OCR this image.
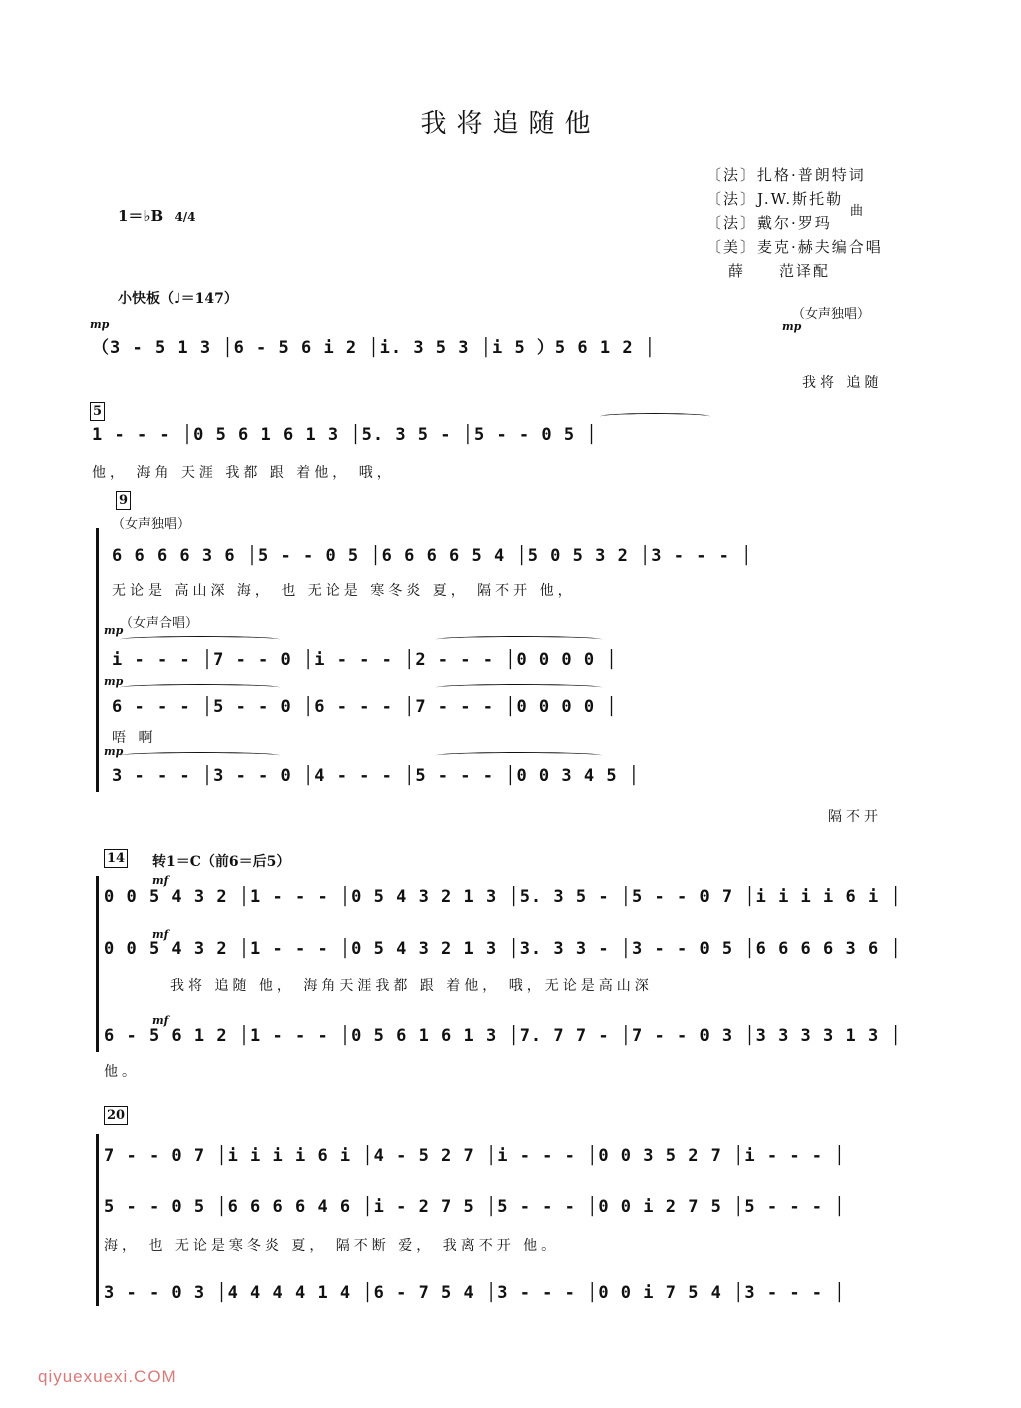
我将追随他
〔法〕扎格·普朗特词
〔法〕J.W.斯托勒
〔法〕戴尔·罗玛
〔美〕麦克·赫夫编合唱
薛　　范译配
曲
1＝♭B 4/4
小快板（♩＝147）
（女声独唱）
mp	mp
（3 - 5 1 3 │6 - 5 6 i 2 │i. 3 5 3 │i 5 ）5 6 1 2 │
我将 追随
5
1 - - - │0 5 6 1 6 1 3 │5. 3 5 - │5 - - 0 5 │
他， 海角 天涯 我都 跟 着他， 哦，
9
（女声独唱）
6 6 6 6 3 6 │5 - - 0 5 │6 6 6 6 5 4 │5 0 5 3 2 │3 - - - │
无论是 高山深 海， 也 无论是 寒冬炎 夏， 隔不开 他，
mp
（女声合唱）
i - - - │7 - - 0 │i - - - │2 - - - │0 0 0 0 │
mp
6 - - - │5 - - 0 │6 - - - │7 - - - │0 0 0 0 │
唔 啊
mp
3 - - - │3 - - 0 │4 - - - │5 - - - │0 0 3 4 5 │
隔不开
14 转1＝C（前6＝后5）
mf
0 0 5 4 3 2 │1 - - - │0 5 4 3 2 1 3 │5. 3 5 - │5 - - 0 7 │i i i i 6 i │
mf
0 0 5 4 3 2 │1 - - - │0 5 4 3 2 1 3 │3. 3 3 - │3 - - 0 5 │6 6 6 6 3 6 │
我将 追随 他， 海角天涯我都 跟 着他， 哦，无论是高山深
mf
6 - 5 6 1 2 │1 - - - │0 5 6 1 6 1 3 │7. 7 7 - │7 - - 0 3 │3 3 3 3 1 3 │
他。
20
7 - - 0 7 │i i i i 6 i │4 - 5 2 7 │i - - - │0 0 3 5 2 7 │i - - - │
5 - - 0 5 │6 6 6 6 4 6 │i - 2 7 5 │5 - - - │0 0 i 2 7 5 │5 - - - │
海， 也 无论是寒冬炎 夏， 隔不断 爱， 我离不开 他。
3 - - 0 3 │4 4 4 4 1 4 │6 - 7 5 4 │3 - - - │0 0 i 7 5 4 │3 - - - │
qiyuexuexi.COM
